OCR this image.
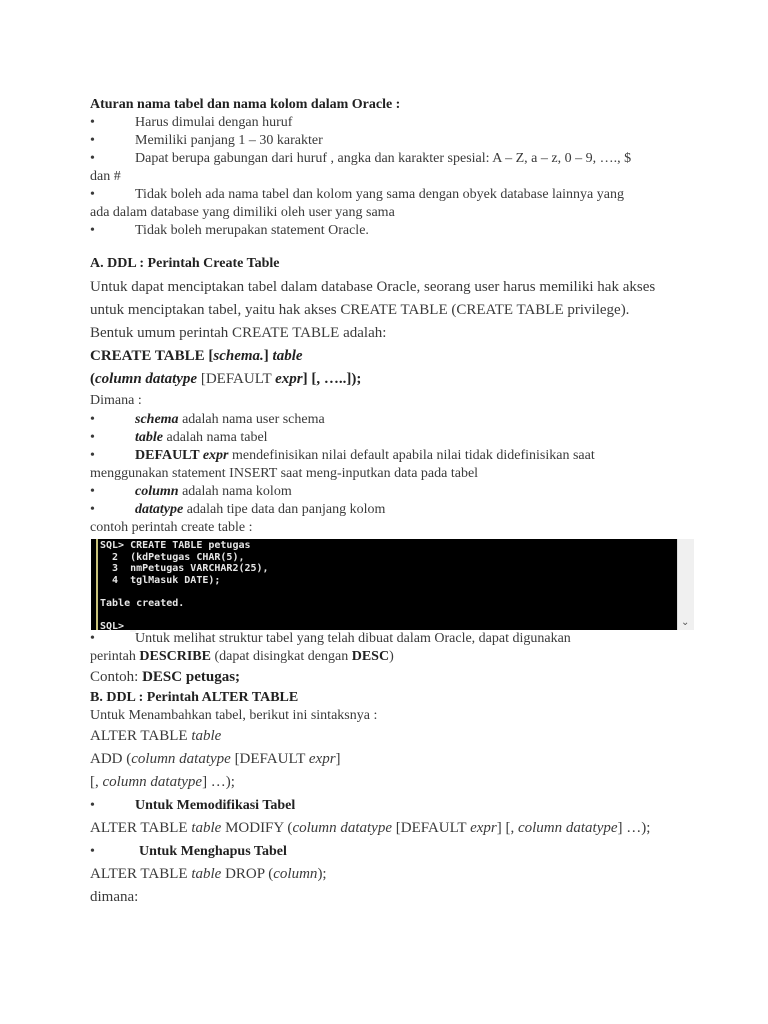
Aturan nama tabel dan nama kolom dalam Oracle :
•	Harus dimulai dengan huruf
•	Memiliki panjang 1 – 30 karakter
•	Dapat berupa gabungan dari huruf , angka dan karakter spesial: A – Z, a – z, 0 – 9, …., $
dan #
•	Tidak boleh ada nama tabel dan kolom yang sama dengan obyek database lainnya yang
ada dalam database yang dimiliki oleh user yang sama
•	Tidak boleh merupakan statement Oracle.
A. DDL : Perintah Create Table
Untuk dapat menciptakan tabel dalam database Oracle, seorang user harus memiliki hak akses
untuk menciptakan tabel, yaitu hak akses CREATE TABLE (CREATE TABLE privilege).
Bentuk umum perintah CREATE TABLE adalah:
CREATE TABLE [schema.] table
(column datatype [DEFAULT expr] [, …..]);
Dimana :
•	schema adalah nama user schema
•	table adalah nama tabel
•	DEFAULT expr mendefinisikan nilai default apabila nilai tidak didefinisikan saat
menggunakan statement INSERT saat meng-inputkan data pada tabel
•	column adalah nama kolom
•	datatype adalah tipe data dan panjang kolom
contoh perintah create table :
SQL> CREATE TABLE petugas
2  (kdPetugas CHAR(5),
3  nmPetugas VARCHAR2(25),
4  tglMasuk DATE);

Table created.

SQL> _	⌄
•	Untuk melihat struktur tabel yang telah dibuat dalam Oracle, dapat digunakan
perintah DESCRIBE (dapat disingkat dengan DESC)
Contoh: DESC petugas;
B. DDL : Perintah ALTER TABLE
Untuk Menambahkan tabel, berikut ini sintaksnya :
ALTER TABLE table
ADD (column datatype [DEFAULT expr]
[, column datatype] …);
•	Untuk Memodifikasi Tabel
ALTER TABLE table MODIFY (column datatype [DEFAULT expr] [, column datatype] …);
•	Untuk Menghapus Tabel
ALTER TABLE table DROP (column);
dimana:
